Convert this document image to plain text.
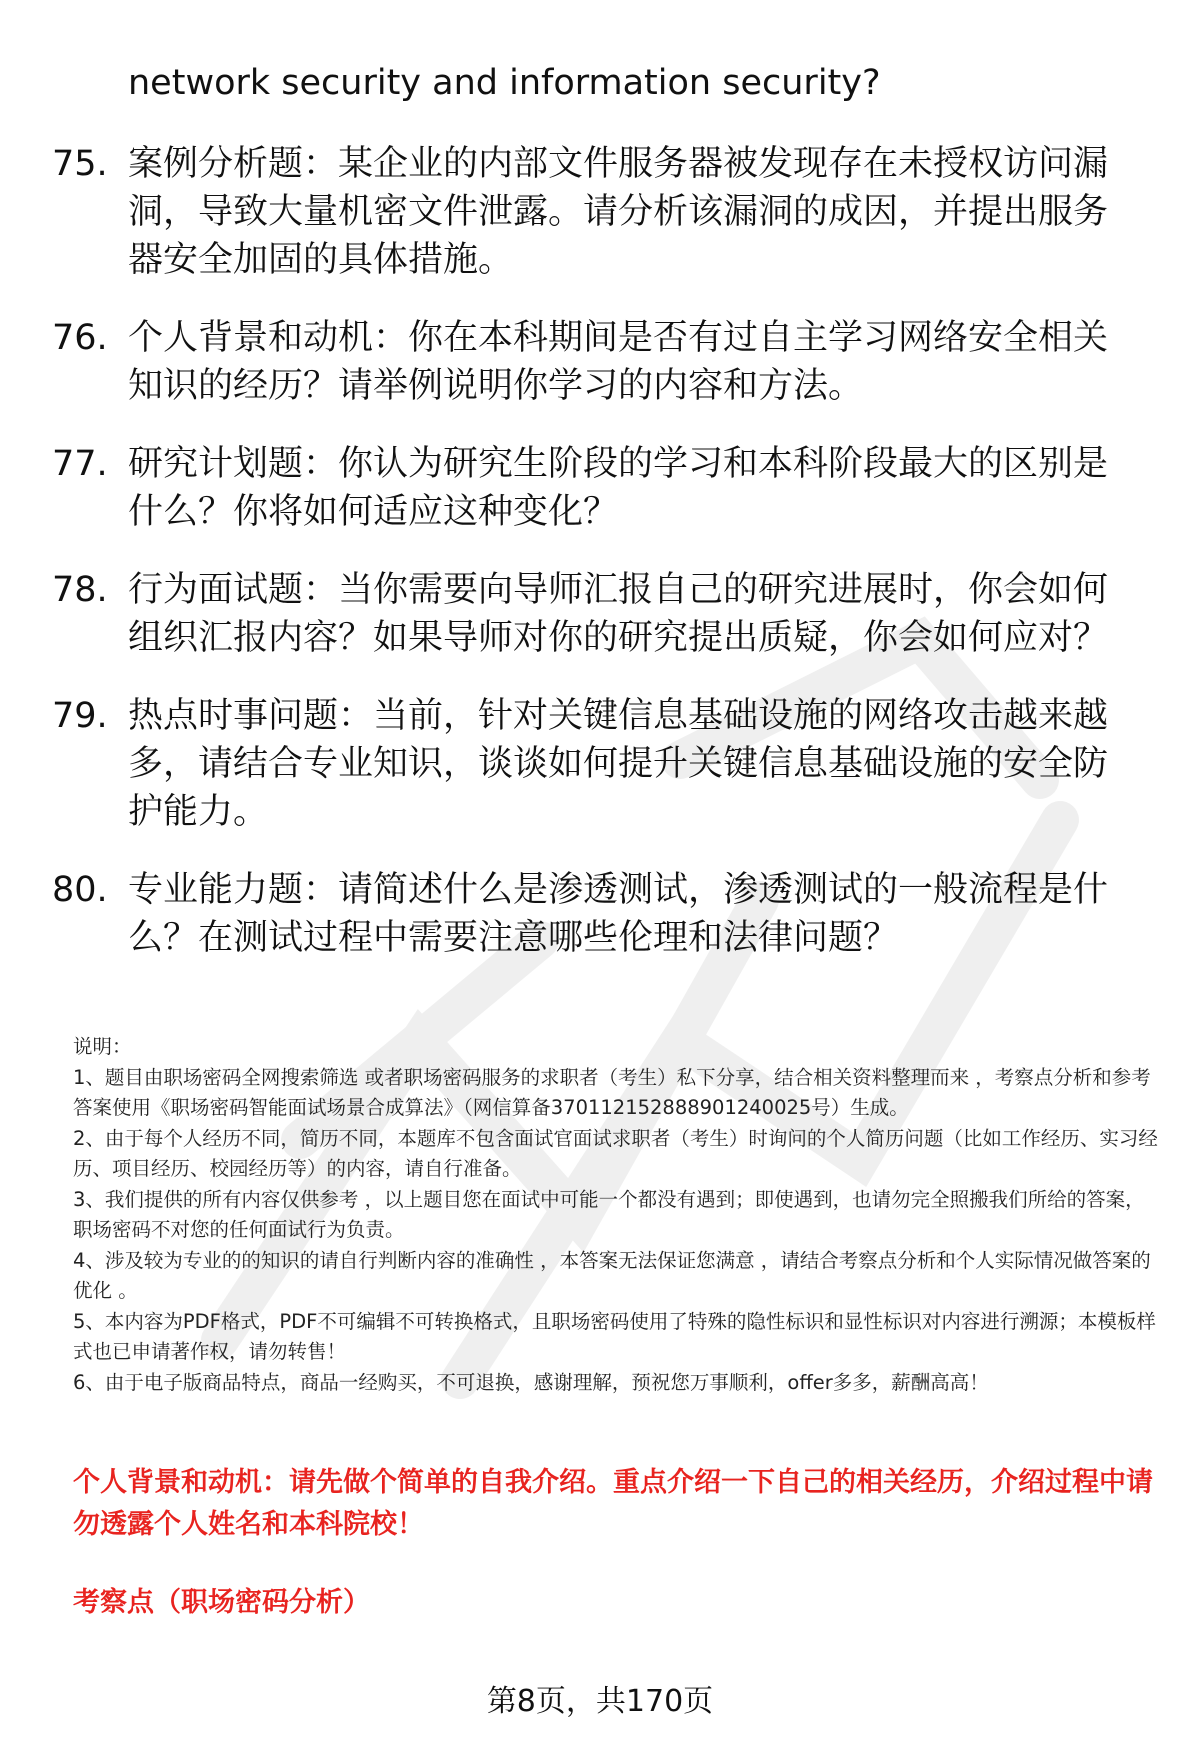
network security and information security?
75. 案例分析题：某企业的内部文件服务器被发现存在未授权访问漏洞，导致大量机密文件泄露。请分析该漏洞的成因，并提出服务器安全加固的具体措施。
76. 个人背景和动机：你在本科期间是否有过自主学习网络安全相关知识的经历？请举例说明你学习的内容和方法。
77. 研究计划题：你认为研究生阶段的学习和本科阶段最大的区别是什么？你将如何适应这种变化？
78. 行为面试题：当你需要向导师汇报自己的研究进展时，你会如何组织汇报内容？如果导师对你的研究提出质疑，你会如何应对？
79. 热点时事问题：当前，针对关键信息基础设施的网络攻击越来越多，请结合专业知识，谈谈如何提升关键信息基础设施的安全防护能力。
80. 专业能力题：请简述什么是渗透测试，渗透测试的一般流程是什么？在测试过程中需要注意哪些伦理和法律问题？

说明：

1、题目由职场密码全网搜索筛选 或者职场密码服务的求职者（考生）私下分享，结合相关资料整理而来 ，考察点分析和参考答案使用《职场密码智能面试场景合成算法》（网信算备370112152888901240025号）生成。

2、由于每个人经历不同，简历不同，本题库不包含面试官面试求职者（考生）时询问的个人简历问题（比如工作经历、实习经历、项目经历、校园经历等）的内容，请自行准备。

3、我们提供的所有内容仅供参考 ，以上题目您在面试中可能一个都没有遇到；即使遇到，也请勿完全照搬我们所给的答案，职场密码不对您的任何面试行为负责。

4、涉及较为专业的的知识的请自行判断内容的准确性 ，本答案无法保证您满意 ，请结合考察点分析和个人实际情况做答案的优化 。

5、本内容为PDF格式，PDF不可编辑不可转换格式，且职场密码使用了特殊的隐性标识和显性标识对内容进行溯源；本模板样式也已申请著作权，请勿转售！

6、由于电子版商品特点，商品一经购买，不可退换，感谢理解，预祝您万事顺利，offer多多，薪酬高高！

个人背景和动机：请先做个简单的自我介绍。重点介绍一下自己的相关经历，介绍过程中请勿透露个人姓名和本科院校！

考察点（职场密码分析）

第8页，共170页
